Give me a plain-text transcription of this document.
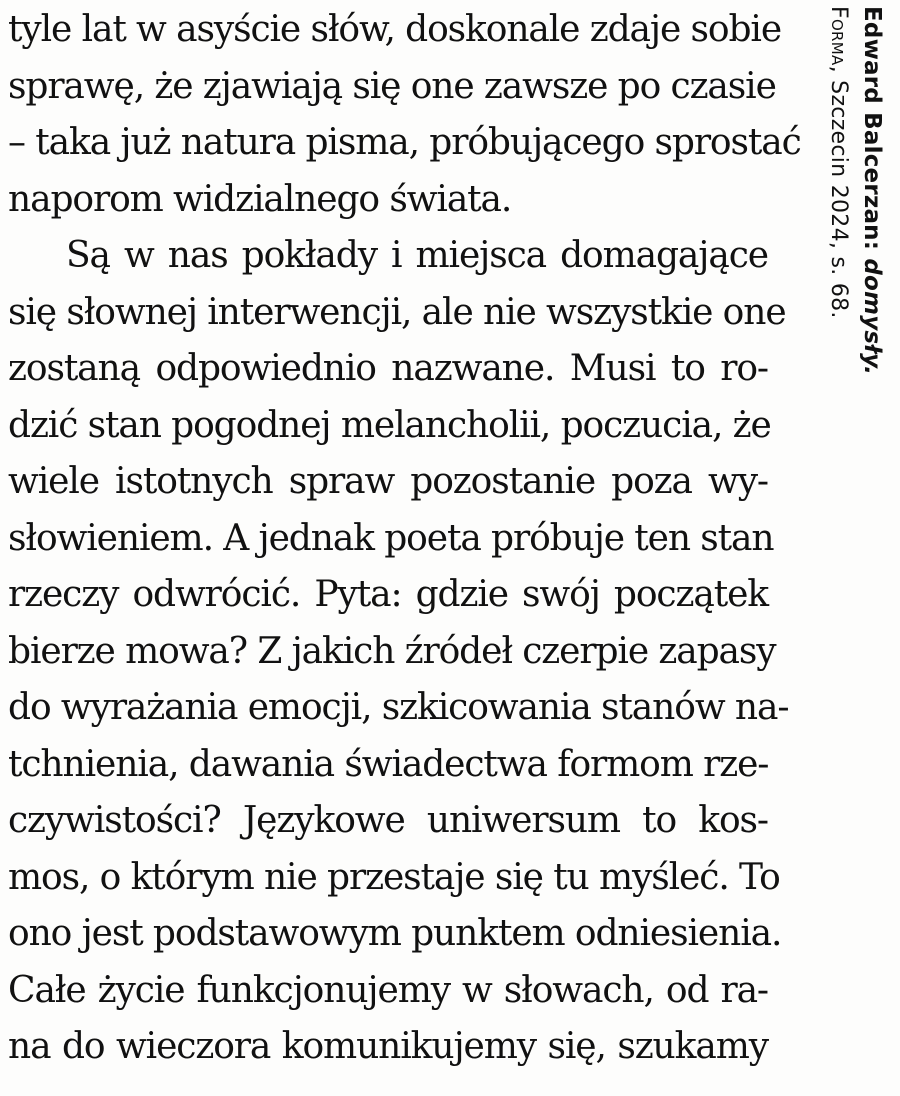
tyle lat w asyście słów, doskonale zdaje sobie
sprawę, że zjawiają się one zawsze po czasie
– taka już natura pisma, próbującego sprostać
naporom widzialnego świata.
Są w nas pokłady i miejsca domagające
się słownej interwencji, ale nie wszystkie one
zostaną odpowiednio nazwane. Musi to ro-
dzić stan pogodnej melancholii, poczucia, że
wiele istotnych spraw pozostanie poza wy-
słowieniem. A jednak poeta próbuje ten stan
rzeczy odwrócić. Pyta: gdzie swój początek
bierze mowa? Z jakich źródeł czerpie zapasy
do wyrażania emocji, szkicowania stanów na-
tchnienia, dawania świadectwa formom rze-
czywistości? Językowe uniwersum to kos-
mos, o którym nie przestaje się tu myśleć. To
ono jest podstawowym punktem odniesienia.
Całe życie funkcjonujemy w słowach, od ra-
na do wieczora komunikujemy się, szukamy
Edward Balcerzan: domysły.
Forma, Szczecin 2024, s. 68.
